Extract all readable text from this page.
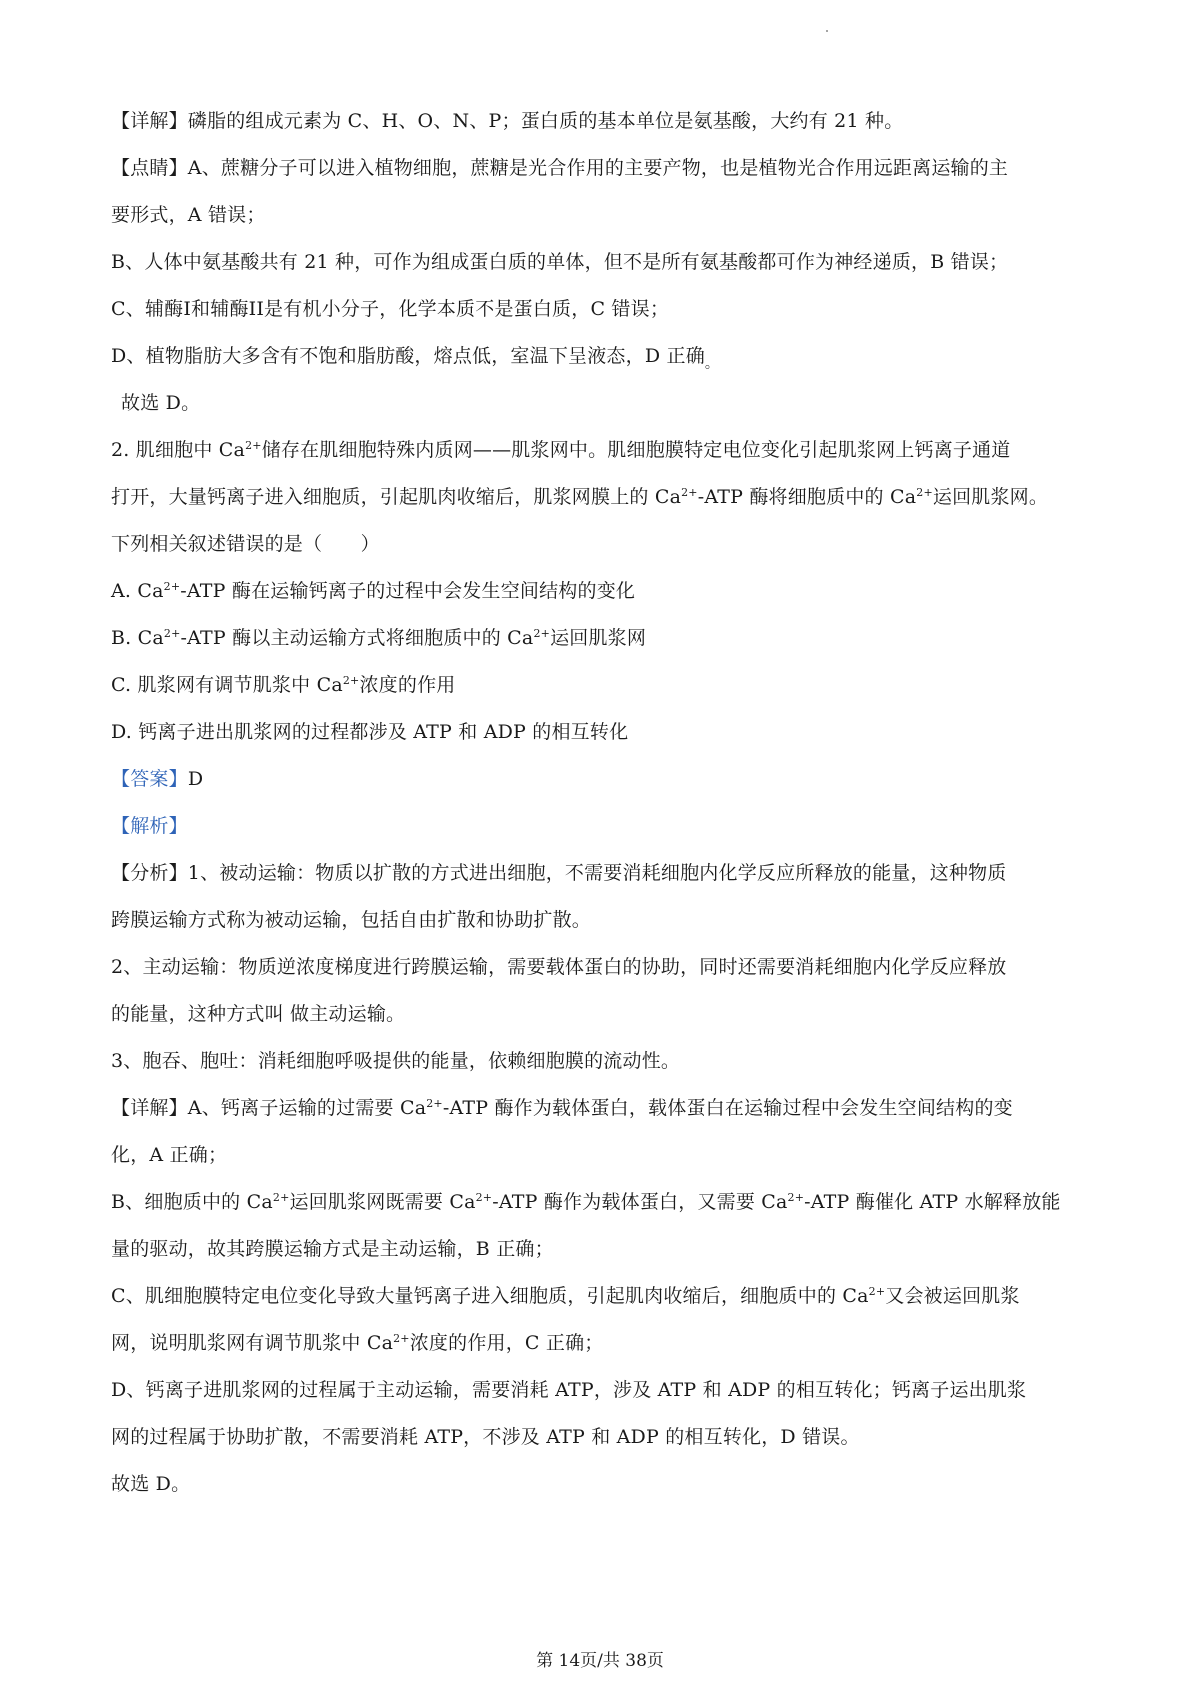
【详解】磷脂的组成元素为 C、H、O、N、P；蛋白质的基本单位是氨基酸，大约有 21 种。
【点睛】A、蔗糖分子可以进入植物细胞，蔗糖是光合作用的主要产物，也是植物光合作用远距离运输的主
要形式，A 错误；
B、人体中氨基酸共有 21 种，可作为组成蛋白质的单体，但不是所有氨基酸都可作为神经递质，B 错误；
C、辅酶I和辅酶II是有机小分子，化学本质不是蛋白质，C 错误；
D、植物脂肪大多含有不饱和脂肪酸，熔点低，室温下呈液态，D 正确$_。$
故选 D。
2. 肌细胞中 $Ca^{2+}$储存在肌细胞特殊内质网——肌浆网中。肌细胞膜特定电位变化引起肌浆网上钙离子通道
打开，大量钙离子进入细胞质，引起肌肉收缩后，肌浆网膜上的 $Ca^{2+}$-ATP 酶将细胞质中的 $Ca^{2+}$运回肌浆网。
下列相关叙述错误的是（　　）
A. $Ca^{2+}$-ATP 酶在运输钙离子的过程中会发生空间结构的变化
B. $Ca^{2+}$-ATP 酶以主动运输方式将细胞质中的 $Ca^{2+}$运回肌浆网
C. 肌浆网有调节肌浆中 $Ca^{2+}$浓度的作用
D. 钙离子进出肌浆网的过程都涉及 ATP 和 ADP 的相互转化
【答案】D
【解析】
【分析】1、被动运输：物质以扩散的方式进出细胞，不需要消耗细胞内化学反应所释放的能量，这种物质
跨膜运输方式称为被动运输，包括自由扩散和协助扩散。
2、主动运输：物质逆浓度梯度进行跨膜运输，需要载体蛋白的协助，同时还需要消耗细胞内化学反应释放
的能量，这种方式叫 做主动运输。
3、胞吞、胞吐：消耗细胞呼吸提供的能量，依赖细胞膜的流动性。
【详解】A、钙离子运输的过需要 $Ca^{2+}$-ATP 酶作为载体蛋白，载体蛋白在运输过程中会发生空间结构的变
化，A 正确；
B、细胞质中的 $Ca^{2+}$运回肌浆网既需要 $Ca^{2+}$-ATP 酶作为载体蛋白，又需要 $Ca^{2+}$-ATP 酶催化 ATP 水解释放能
量的驱动，故其跨膜运输方式是主动运输，B 正确；
C、肌细胞膜特定电位变化导致大量钙离子进入细胞质，引起肌肉收缩后，细胞质中的 $Ca^{2+}$又会被运回肌浆
网，说明肌浆网有调节肌浆中 $Ca^{2+}$浓度的作用，C 正确；
D、钙离子进肌浆网的过程属于主动运输，需要消耗 ATP，涉及 ATP 和 ADP 的相互转化；钙离子运出肌浆
网的过程属于协助扩散，不需要消耗 ATP，不涉及 ATP 和 ADP 的相互转化，D 错误。
故选 D。
第 14页/共 38页
